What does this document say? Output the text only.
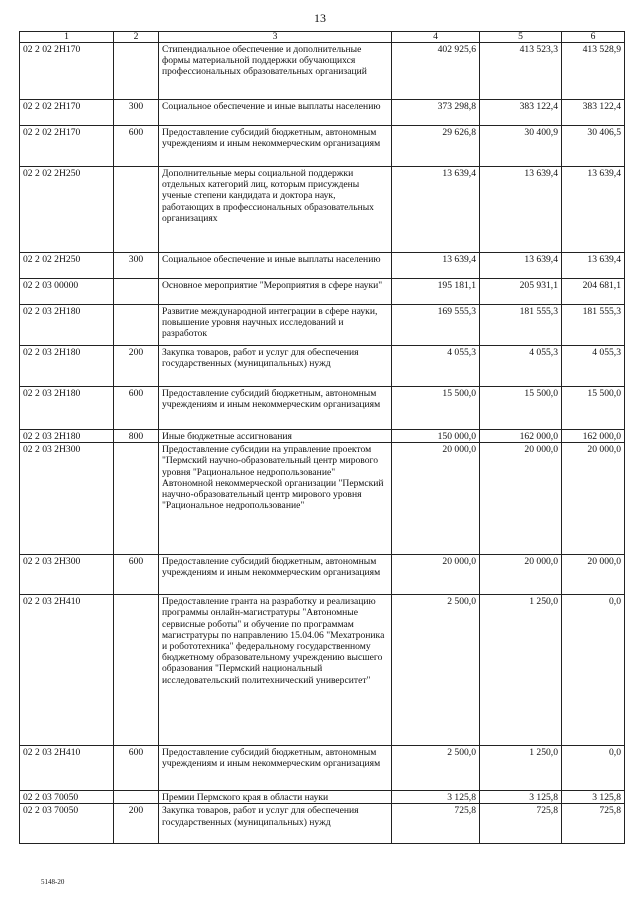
13
1	2	3	4	5	6
02 2 02 2Н170		Стипендиальное обеспечение и дополнительные формы материальной поддержки обучающихся профессиональных образовательных организаций	402 925,6	413 523,3	413 528,9
02 2 02 2Н170	300	Социальное обеспечение и иные выплаты населению	373 298,8	383 122,4	383 122,4
02 2 02 2Н170	600	Предоставление субсидий бюджетным, автономным учреждениям и иным некоммерческим организациям	29 626,8	30 400,9	30 406,5
02 2 02 2Н250		Дополнительные меры социальной поддержки отдельных категорий лиц, которым присуждены ученые степени кандидата и доктора наук, работающих в профессиональных образовательных организациях	13 639,4	13 639,4	13 639,4
02 2 02 2Н250	300	Социальное обеспечение и иные выплаты населению	13 639,4	13 639,4	13 639,4
02 2 03 00000		Основное мероприятие "Мероприятия в сфере науки"	195 181,1	205 931,1	204 681,1
02 2 03 2Н180		Развитие международной интеграции в сфере науки, повышение уровня научных исследований и разработок	169 555,3	181 555,3	181 555,3
02 2 03 2Н180	200	Закупка товаров, работ и услуг для обеспечения государственных (муниципальных) нужд	4 055,3	4 055,3	4 055,3
02 2 03 2Н180	600	Предоставление субсидий бюджетным, автономным учреждениям и иным некоммерческим организациям	15 500,0	15 500,0	15 500,0
02 2 03 2Н180	800	Иные бюджетные ассигнования	150 000,0	162 000,0	162 000,0
02 2 03 2Н300		Предоставление субсидии на управление проектом "Пермский научно-образовательный центр мирового уровня "Рациональное недропользование" Автономной некоммерческой организации "Пермский научно-образовательный центр мирового уровня "Рациональное недропользование"	20 000,0	20 000,0	20 000,0
02 2 03 2Н300	600	Предоставление субсидий бюджетным, автономным учреждениям и иным некоммерческим организациям	20 000,0	20 000,0	20 000,0
02 2 03 2Н410		Предоставление гранта на разработку и реализацию программы онлайн-магистратуры "Автономные сервисные роботы" и обучение по программам магистратуры по направлению 15.04.06 "Мехатроника и робототехника" федеральному государственному бюджетному образовательному учреждению высшего образования "Пермский национальный исследовательский политехнический университет"	2 500,0	1 250,0	0,0
02 2 03 2Н410	600	Предоставление субсидий бюджетным, автономным учреждениям и иным некоммерческим организациям	2 500,0	1 250,0	0,0
02 2 03 70050		Премии Пермского края в области науки	3 125,8	3 125,8	3 125,8
02 2 03 70050	200	Закупка товаров, работ и услуг для обеспечения государственных (муниципальных) нужд	725,8	725,8	725,8
5148-20
